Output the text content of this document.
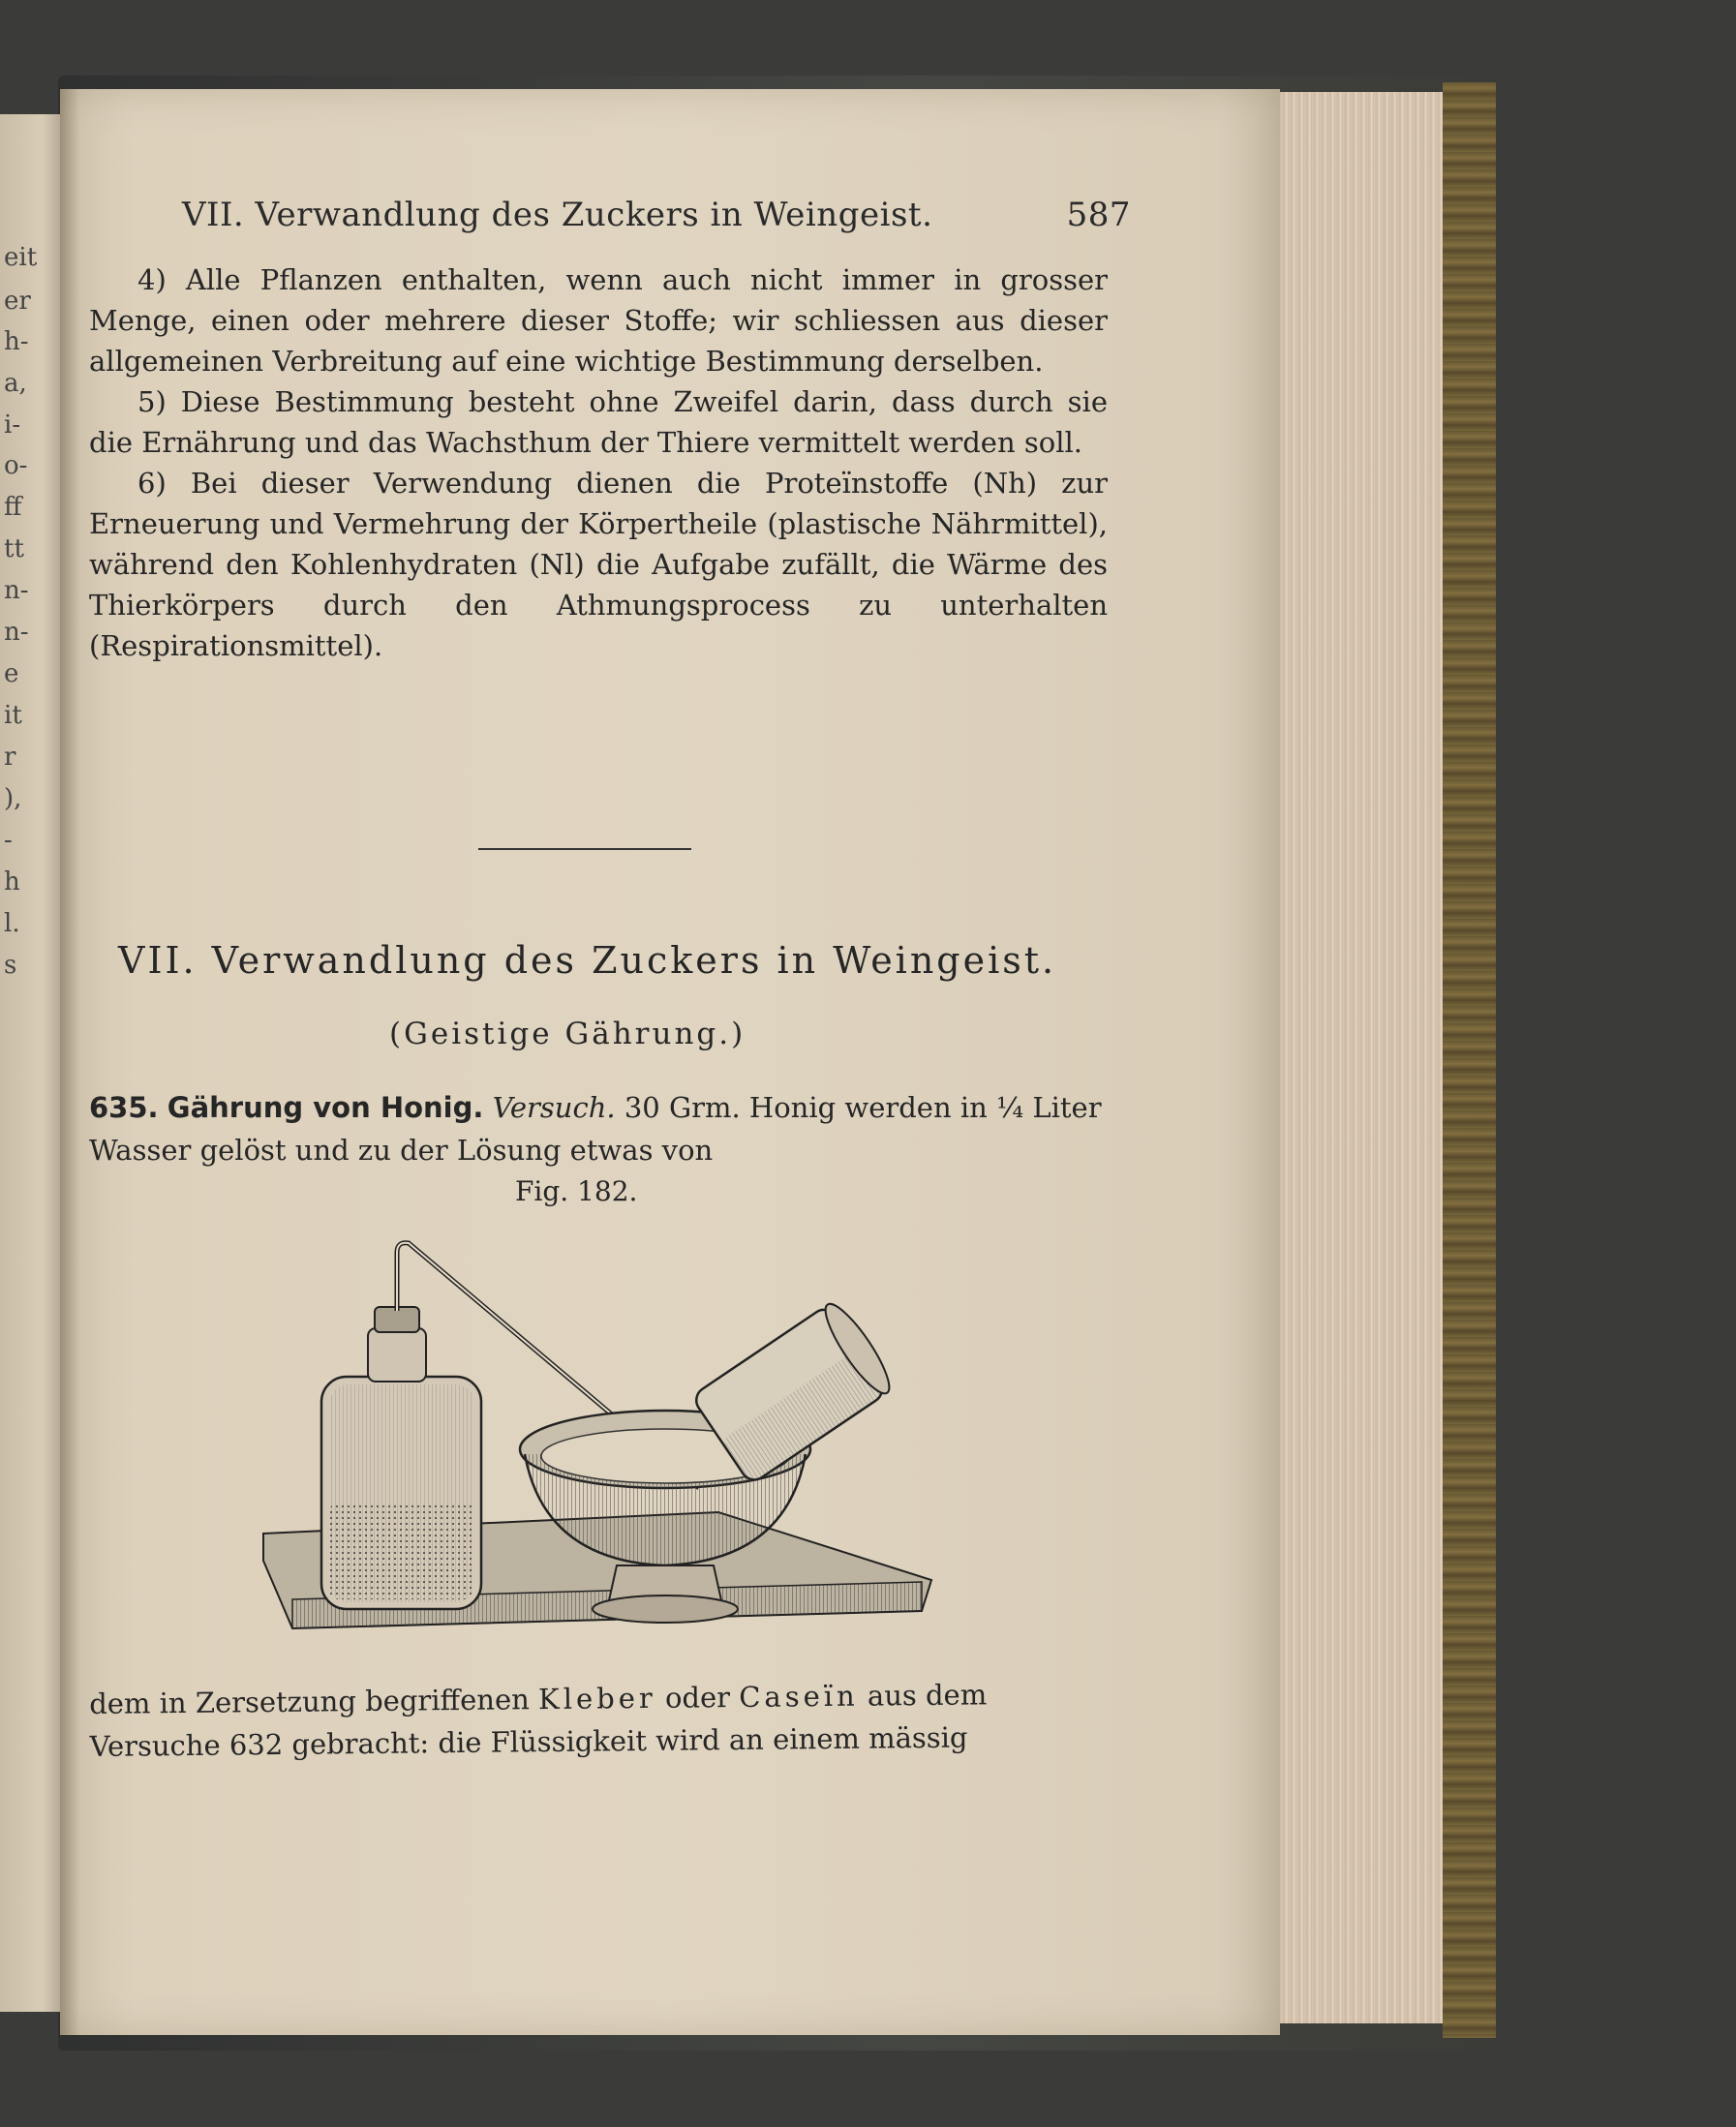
eit
er
h-
a,
i-
o-
ff
tt
n-
n-
e
it
r
),
-
h
l.
s
VII. Verwandlung des Zuckers in Weingeist.	587

4) Alle Pflanzen enthalten, wenn auch nicht immer in grosser Menge, einen oder mehrere dieser Stoffe; wir schliessen aus dieser allgemeinen Verbreitung auf eine wichtige Bestimmung derselben.

5) Diese Bestimmung besteht ohne Zweifel darin, dass durch sie die Ernährung und das Wachsthum der Thiere vermittelt werden soll.

6) Bei dieser Verwendung dienen die Proteïnstoffe (Nh) zur Erneuerung und Vermehrung der Körpertheile (plastische Nährmittel), während den Kohlenhydraten (Nl) die Aufgabe zufällt, die Wärme des Thierkörpers durch den Athmungsprocess zu unterhalten (Respirationsmittel).

VII. Verwandlung des Zuckers in Weingeist.
(Geistige Gährung.)
635. Gährung von Honig. Versuch. 30 Grm. Honig werden in ¼ Liter Wasser gelöst und zu der Lösung etwas von
Fig. 182.
dem in Zersetzung begriffenen Kleber oder Caseïn aus dem Versuche 632 gebracht: die Flüssigkeit wird an einem mässig
